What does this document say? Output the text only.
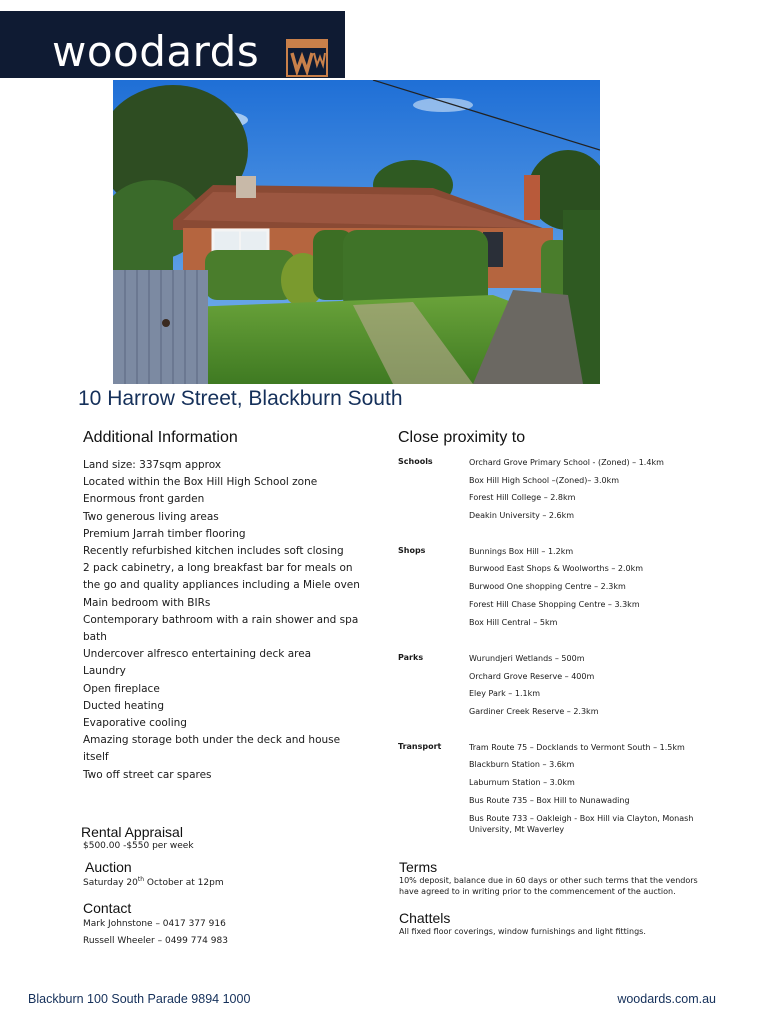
woodards
10 Harrow Street, Blackburn South
Additional Information
Land size: 337sqm approx
Located within the Box Hill High School zone
Enormous front garden
Two generous living areas
Premium Jarrah timber flooring
Recently refurbished kitchen includes soft closing
2 pack cabinetry, a long breakfast bar for meals on
the go and quality appliances including a Miele oven
Main bedroom with BIRs
Contemporary bathroom with a rain shower and spa
bath
Undercover alfresco entertaining deck area
Laundry
Open fireplace
Ducted heating
Evaporative cooling
Amazing storage both under the deck and house
itself
Two off street car spares
Close proximity to
Schools	Orchard Grove Primary School - (Zoned) – 1.4km
Box Hill High School –(Zoned)– 3.0km
Forest Hill College – 2.8km
Deakin University – 2.6km
Shops	Bunnings Box Hill – 1.2km
Burwood East Shops & Woolworths – 2.0km
Burwood One shopping Centre – 2.3km
Forest Hill Chase Shopping Centre – 3.3km
Box Hill Central – 5km
Parks	Wurundjeri Wetlands – 500m
Orchard Grove Reserve – 400m
Eley Park – 1.1km
Gardiner Creek Reserve – 2.3km
Transport	Tram Route 75 – Docklands to Vermont South – 1.5km
Blackburn Station – 3.6km
Laburnum Station – 3.0km
Bus Route 735 – Box Hill to Nunawading
Bus Route 733 – Oakleigh - Box Hill via Clayton, Monash
University, Mt Waverley
Rental Appraisal
$500.00 -$550 per week
Auction
Saturday 20th October at 12pm
Contact
Mark Johnstone – 0417 377 916
Russell Wheeler – 0499 774 983
Terms
10% deposit, balance due in 60 days or other such terms that the vendors
have agreed to in writing prior to the commencement of the auction.
Chattels
All fixed floor coverings, window furnishings and light fittings.
Blackburn 100 South Parade 9894 1000	woodards.com.au
